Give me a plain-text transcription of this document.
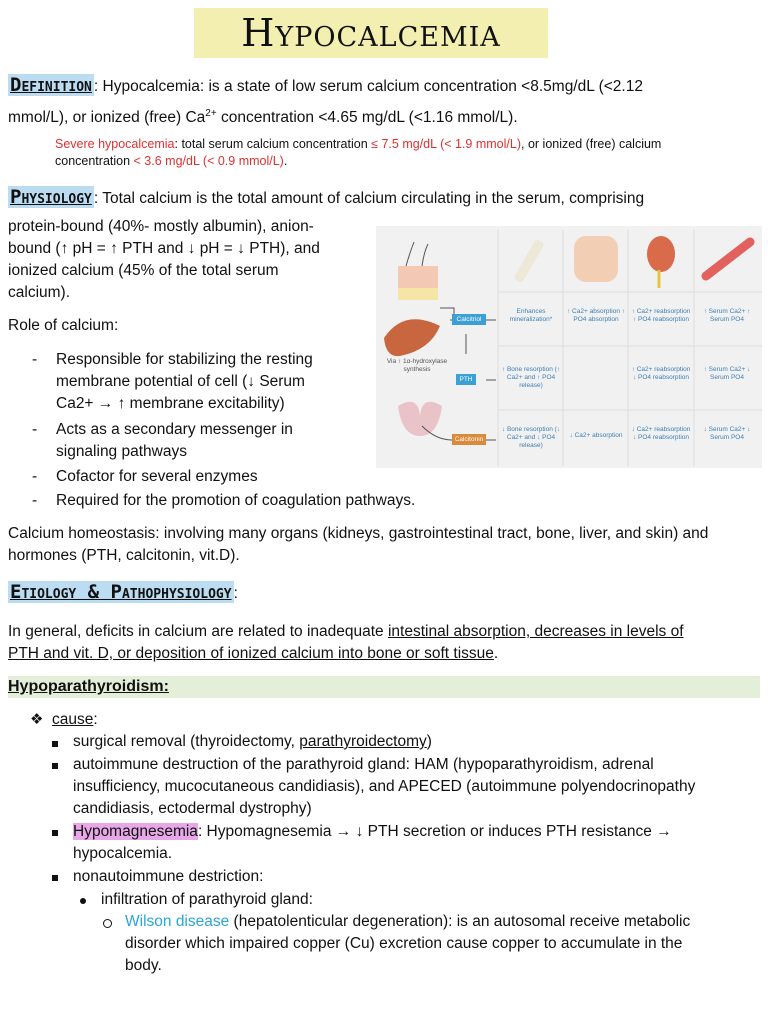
Hypocalcemia
Definition : Hypocalcemia: is a state of low serum calcium concentration <8.5mg/dL (<2.12
mmol/L), or ionized (free) $Ca^{2+}$ concentration <4.65 mg/dL (<1.16 mmol/L).
Severe hypocalcemia: total serum calcium concentration ≤ 7.5 mg/dL (< 1.9 mmol/L), or ionized (free) calcium
concentration < 3.6 mg/dL (< 0.9 mmol/L).
Physiology : Total calcium is the total amount of calcium circulating in the serum, comprising
protein-bound (40%- mostly albumin), anion-
bound (↑ pH = ↑ PTH and ↓ pH = ↓ PTH), and
ionized calcium (45% of the total serum
calcium).
Role of calcium:
- Responsible for stabilizing the resting
membrane potential of cell (↓ Serum
Ca2+ → ↑ membrane excitability)
- Acts as a secondary messenger in
signaling pathways
- Cofactor for several enzymes
- Required for the promotion of coagulation pathways.
Calcium homeostasis: involving many organs (kidneys, gastrointestinal tract, bone, liver, and skin) and
hormones (PTH, calcitonin, vit.D).
Calcitriol
PTH
Calcitonin
Via ↑ 1α-hydroxylase synthesis
Enhances mineralization*
↑ Ca2+ absorption ↑ PO4 absorption
↑ Ca2+ reabsorption ↑ PO4 reabsorption
↑ Serum Ca2+ ↑ Serum PO4
↑ Bone resorption (↑ Ca2+ and ↑ PO4 release)
↑ Ca2+ reabsorption ↓ PO4 reabsorption
↑ Serum Ca2+ ↓ Serum PO4
↓ Bone resorption (↓ Ca2+ and ↓ PO4 release)
↓ Ca2+ absorption
↓ Ca2+ reabsorption ↓ PO4 reabsorption
↓ Serum Ca2+ ↓ Serum PO4
Etiology & Pathophysiology :
In general, deficits in calcium are related to inadequate intestinal absorption, decreases in levels of
PTH and vit. D, or deposition of ionized calcium into bone or soft tissue.
Hypoparathyroidism:
❖ cause:
surgical removal (thyroidectomy, parathyroidectomy)
autoimmune destruction of the parathyroid gland: HAM (hypoparathyroidism, adrenal
insufficiency, mucocutaneous candidiasis), and APECED (autoimmune polyendocrinopathy
candidiasis, ectodermal dystrophy)
Hypomagnesemia: Hypomagnesemia → ↓ PTH secretion or induces PTH resistance →
hypocalcemia.
nonautoimmune destriction:
infiltration of parathyroid gland:
Wilson disease (hepatolenticular degeneration): is an autosomal receive metabolic
disorder which impaired copper (Cu) excretion cause copper to accumulate in the
body.
